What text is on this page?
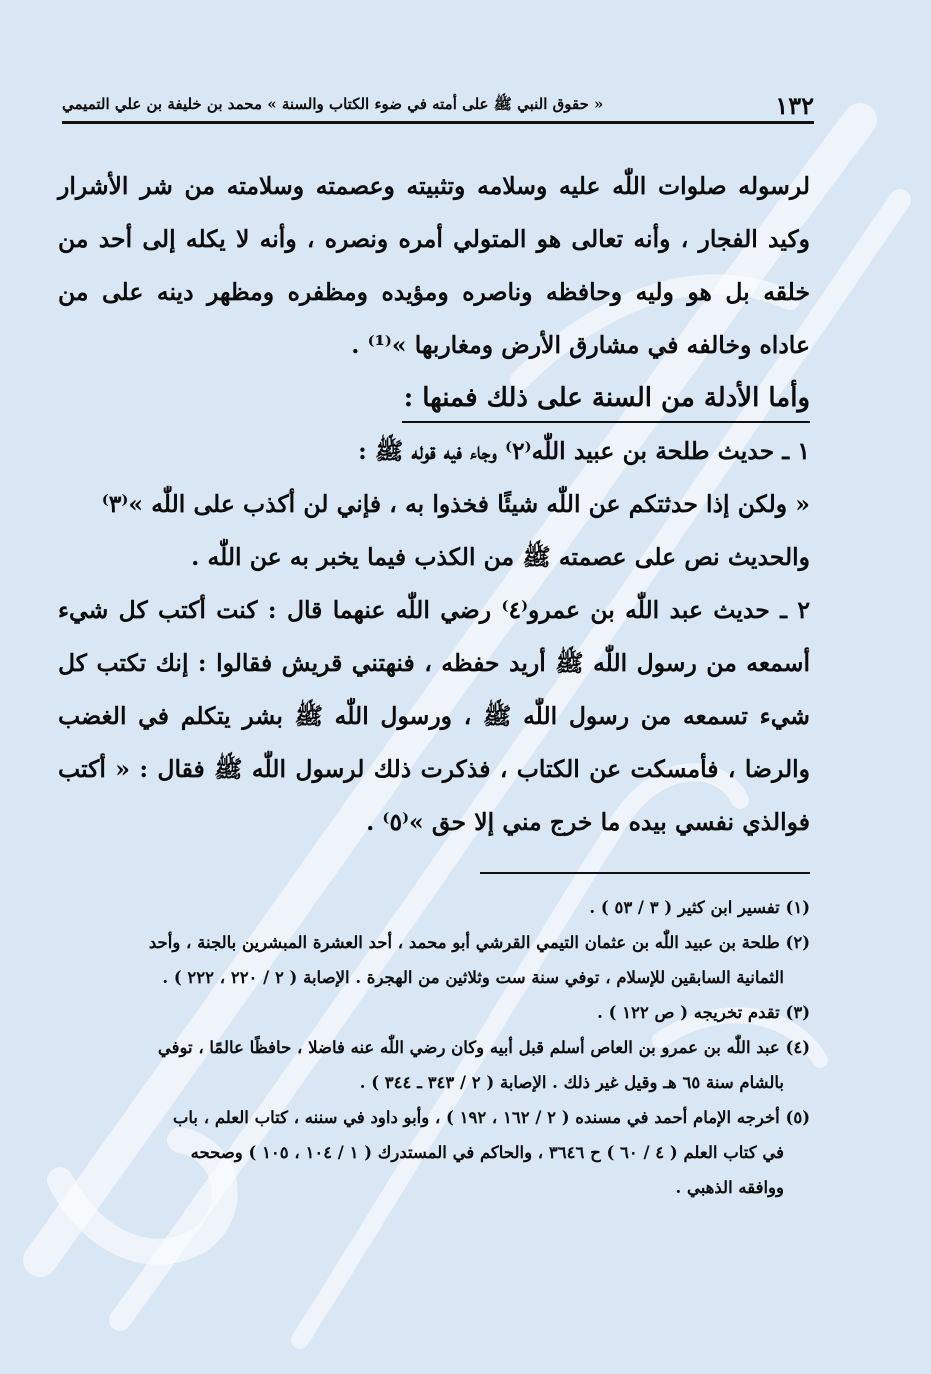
١٣٢
« حقوق النبي ﷺ على أمته في ضوء الكتاب والسنة » محمد بن خليفة بن علي التميمي

لرسوله صلوات اللّٰه عليه وسلامه وتثبيته وعصمته وسلامته من شر الأشرار وكيد الفجار ، وأنه تعالى هو المتولي أمره ونصره ، وأنه لا يكله إلى أحد من خلقه بل هو وليه وحافظه وناصره ومؤيده ومظفره ومظهر دينه على من عاداه وخالفه في مشارق الأرض ومغاربها »⁽¹⁾ .

وأما الأدلة من السنة على ذلك فمنها :

١ ـ حديث طلحة بن عبيد اللّٰه⁽٢⁾ وجاء فيه قوله ﷺ :

« ولكن إذا حدثتكم عن اللّٰه شيئًا فخذوا به ، فإني لن أكذب على اللّٰه »⁽٣⁾

والحديث نص على عصمته ﷺ من الكذب فيما يخبر به عن اللّٰه .

٢ ـ حديث عبد اللّٰه بن عمرو⁽٤⁾ رضي اللّٰه عنهما قال : كنت أكتب كل شيء أسمعه من رسول اللّٰه ﷺ أريد حفظه ، فنهتني قريش فقالوا : إنك تكتب كل شيء تسمعه من رسول اللّٰه ﷺ ، ورسول اللّٰه ﷺ بشر يتكلم في الغضب والرضا ، فأمسكت عن الكتاب ، فذكرت ذلك لرسول اللّٰه ﷺ فقال : « أكتب فوالذي نفسي بيده ما خرج مني إلا حق »⁽٥⁾ .

(١) تفسير ابن كثير ( ٣ / ٥٣ ) .

(٢) طلحة بن عبيد اللّٰه بن عثمان التيمي القرشي أبو محمد ، أحد العشرة المبشرين بالجنة ، وأحد

الثمانية السابقين للإسلام ، توفي سنة ست وثلاثين من الهجرة . الإصابة ( ٢ / ٢٢٠ ، ٢٢٢ ) .

(٣) تقدم تخريجه ( ص ١٢٢ ) .

(٤) عبد اللّٰه بن عمرو بن العاص أسلم قبل أبيه وكان رضي اللّٰه عنه فاضلا ، حافظًا عالمًا ، توفي

بالشام سنة ٦٥ هـ وقيل غير ذلك . الإصابة ( ٢ / ٣٤٣ ـ ٣٤٤ ) .

(٥) أخرجه الإمام أحمد في مسنده ( ٢ / ١٦٢ ، ١٩٢ ) ، وأبو داود في سننه ، كتاب العلم ، باب

في كتاب العلم ( ٤ / ٦٠ ) ح ٣٦٤٦ ، والحاكم في المستدرك ( ١ / ١٠٤ ، ١٠٥ ) وصححه

ووافقه الذهبي .
